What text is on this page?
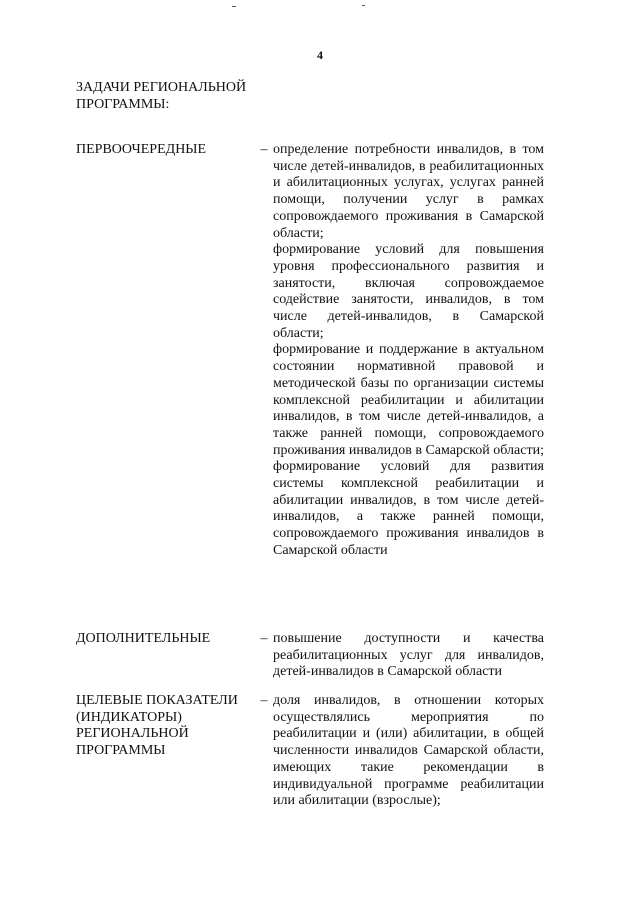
4
ЗАДАЧИ РЕГИОНАЛЬНОЙ ПРОГРАММЫ:
ПЕРВООЧЕРЕДНЫЕ	– определение потребности инвалидов, в том числе детей-инвалидов, в реабилитационных и абилитационных услугах, услугах ранней помощи, получении услуг в рамках сопровождаемого проживания в Самарской области;

формирование условий для повышения уровня профессионального развития и занятости, включая сопровождаемое содействие занятости, инвалидов, в том числе детей-инвалидов, в Самарской области;

формирование и поддержание в актуальном состоянии нормативной правовой и методической базы по организации системы комплексной реабилитации и абилитации инвалидов, в том числе детей-инвалидов, а также ранней помощи, сопровождаемого проживания инвалидов в Самарской области;

формирование условий для развития системы комплексной реабилитации и абилитации инвалидов, в том числе детей-инвалидов, а также ранней помощи, сопровождаемого проживания инвалидов в Самарской области

ДОПОЛНИТЕЛЬНЫЕ	– повышение доступности и качества реабилитационных услуг для инвалидов, детей-инвалидов в Самарской области

ЦЕЛЕВЫЕ ПОКАЗАТЕЛИ (ИНДИКАТОРЫ) РЕГИОНАЛЬНОЙ ПРОГРАММЫ
– доля инвалидов, в отношении которых осуществлялись мероприятия по реабилитации и (или) абилитации, в общей численности инвалидов Самарской области, имеющих такие рекомендации в индивидуальной программе реабилитации или абилитации (взрослые);
